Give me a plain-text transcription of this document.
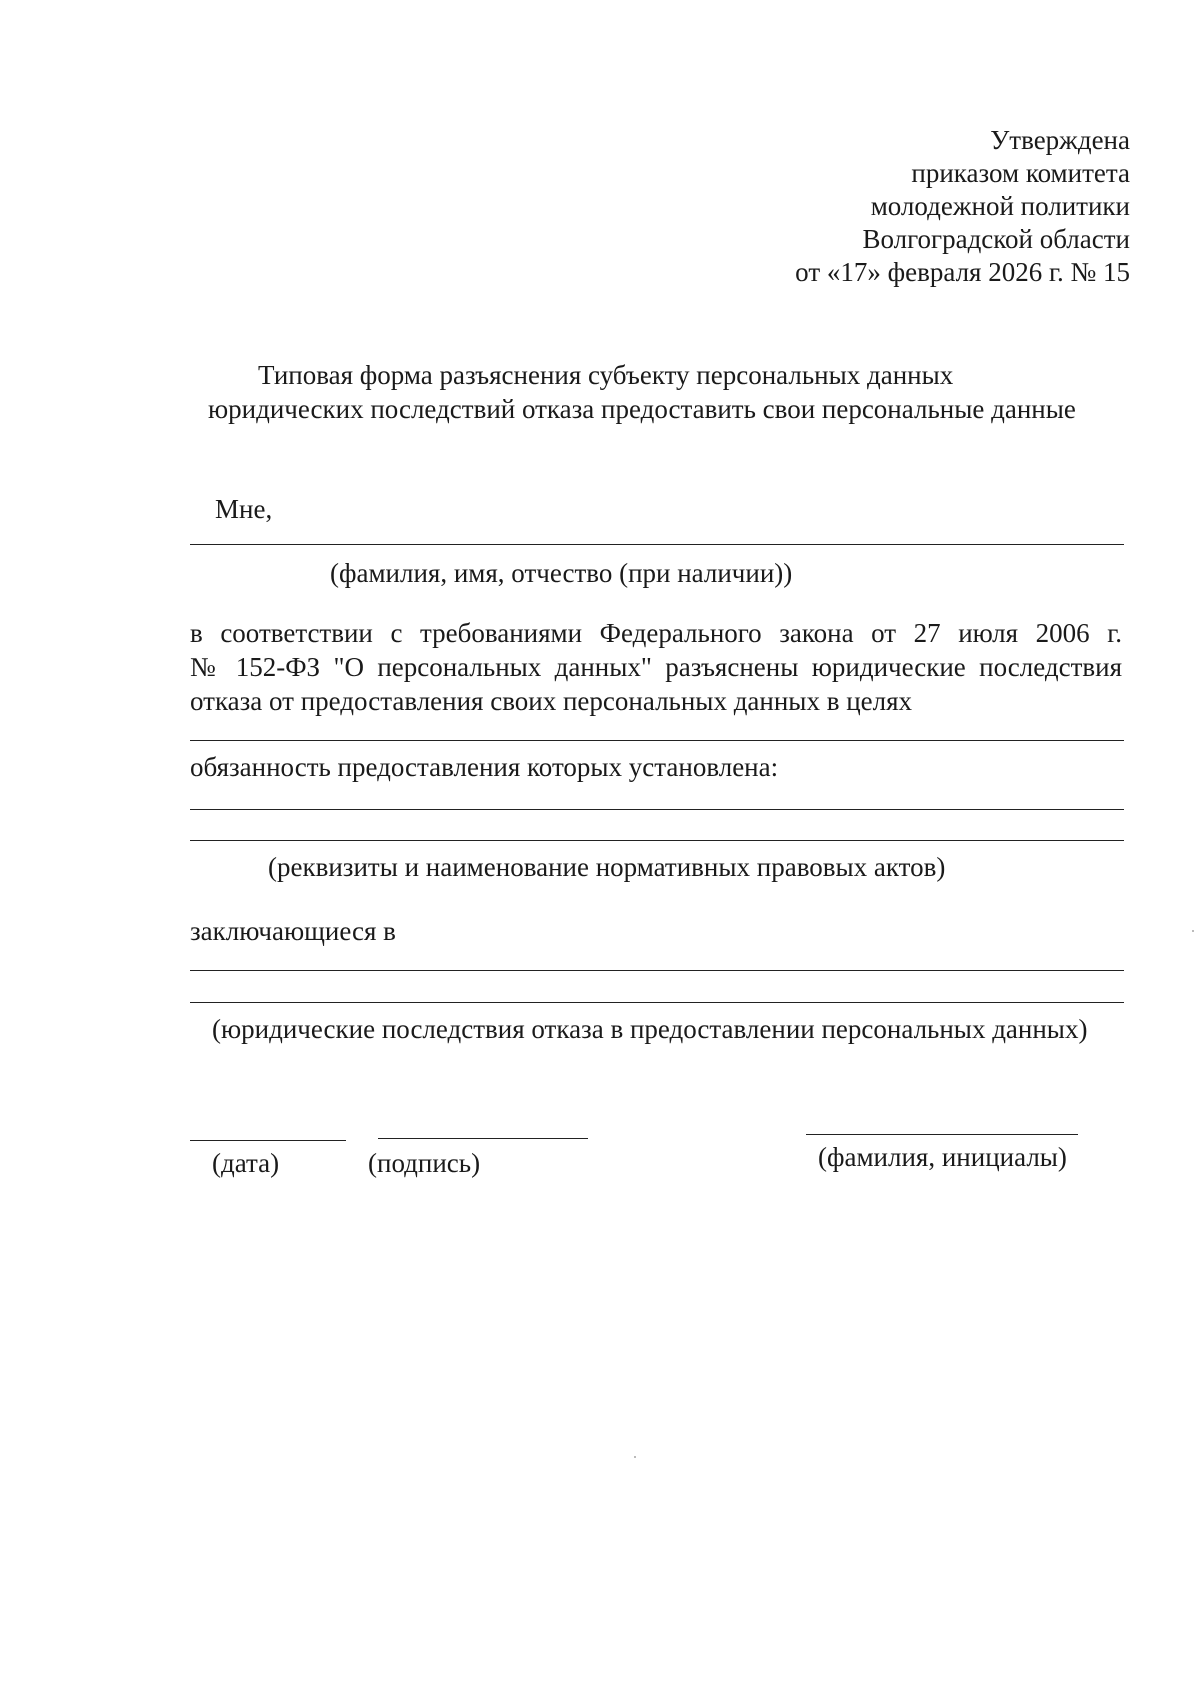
Утверждена
приказом комитета
молодежной политики
Волгоградской области
от «17» февраля 2026 г. № 15
Типовая форма разъяснения субъекту персональных данных
юридических последствий отказа предоставить свои персональные данные

Мне,

(фамилия, имя, отчество (при наличии))

в соответствии с требованиями Федерального закона от 27 июля 2006 г.
№ 152-ФЗ "О персональных данных" разъяснены юридические последствия

отказа от предоставления своих персональных данных в целях

обязанность предоставления которых установлена:

(реквизиты и наименование нормативных правовых актов)

заключающиеся в

(юридические последствия отказа в предоставлении персональных данных)

(дата)	(подпись)	(фамилия, инициалы)
